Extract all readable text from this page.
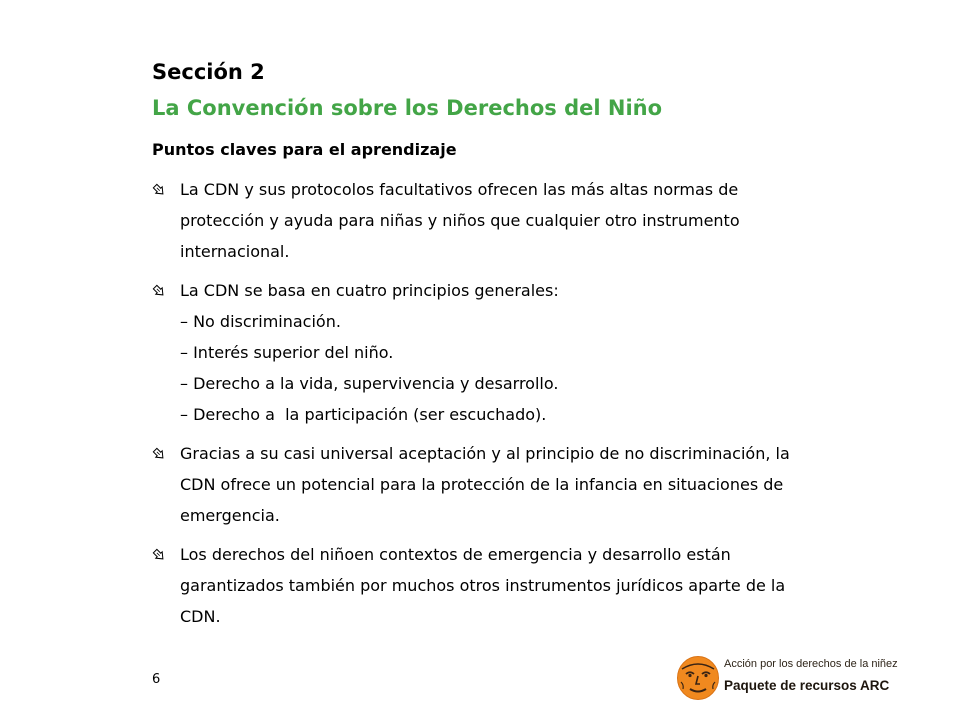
Sección 2
La Convención sobre los Derechos del Niño
Puntos claves para el aprendizaje
La CDN y sus protocolos facultativos ofrecen las más altas normas de
protección y ayuda para niñas y niños que cualquier otro instrumento
internacional.
La CDN se basa en cuatro principios generales:
– No discriminación.
– Interés superior del niño.
– Derecho a la vida, supervivencia y desarrollo.
– Derecho a  la participación (ser escuchado).
Gracias a su casi universal aceptación y al principio de no discriminación, la
CDN ofrece un potencial para la protección de la infancia en situaciones de
emergencia.
Los derechos del niñoen contextos de emergencia y desarrollo están
garantizados también por muchos otros instrumentos jurídicos aparte de la
CDN.
6
Acción por los derechos de la niñez
Paquete de recursos ARC
